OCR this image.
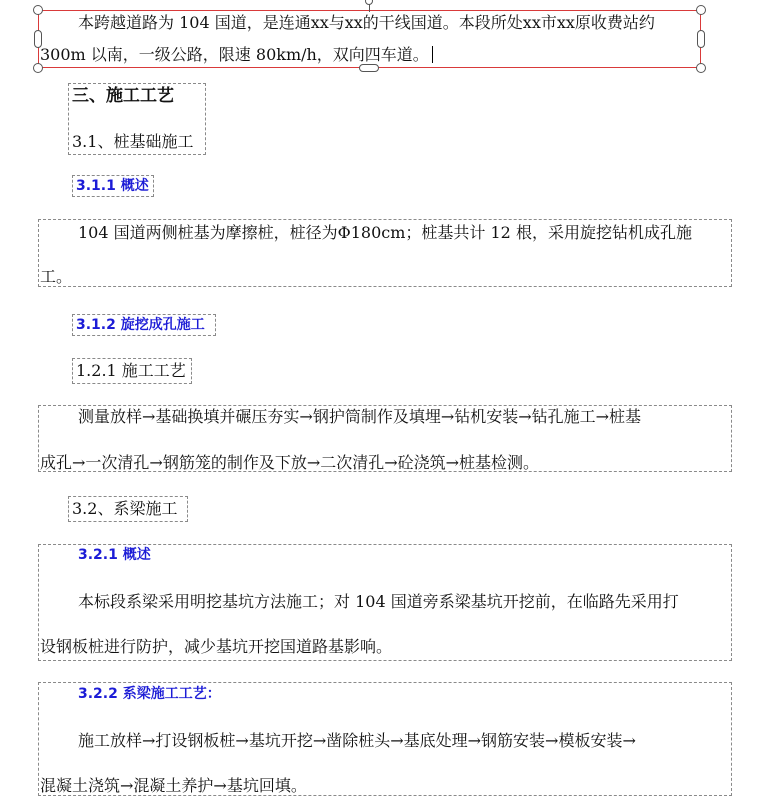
本跨越道路为 104 国道，是连通xx与xx的干线国道。本段所处xx市xx原收费站约
300m 以南，一级公路，限速 80km/h，双向四车道。
三、施工工艺
3.1、桩基础施工
3.1.1 概述
104 国道两侧桩基为摩擦桩，桩径为Φ180cm；桩基共计 12 根，采用旋挖钻机成孔施
工。
3.1.2 旋挖成孔施工
1.2.1 施工工艺
测量放样→基础换填并碾压夯实→钢护筒制作及填埋→钻机安装→钻孔施工→桩基
成孔→一次清孔→钢筋笼的制作及下放→二次清孔→砼浇筑→桩基检测。
3.2、系梁施工
3.2.1 概述
本标段系梁采用明挖基坑方法施工；对 104 国道旁系梁基坑开挖前，在临路先采用打
设钢板桩进行防护，减少基坑开挖国道路基影响。
3.2.2 系梁施工工艺：
施工放样→打设钢板桩→基坑开挖→凿除桩头→基底处理→钢筋安装→模板安装→
混凝土浇筑→混凝土养护→基坑回填。
